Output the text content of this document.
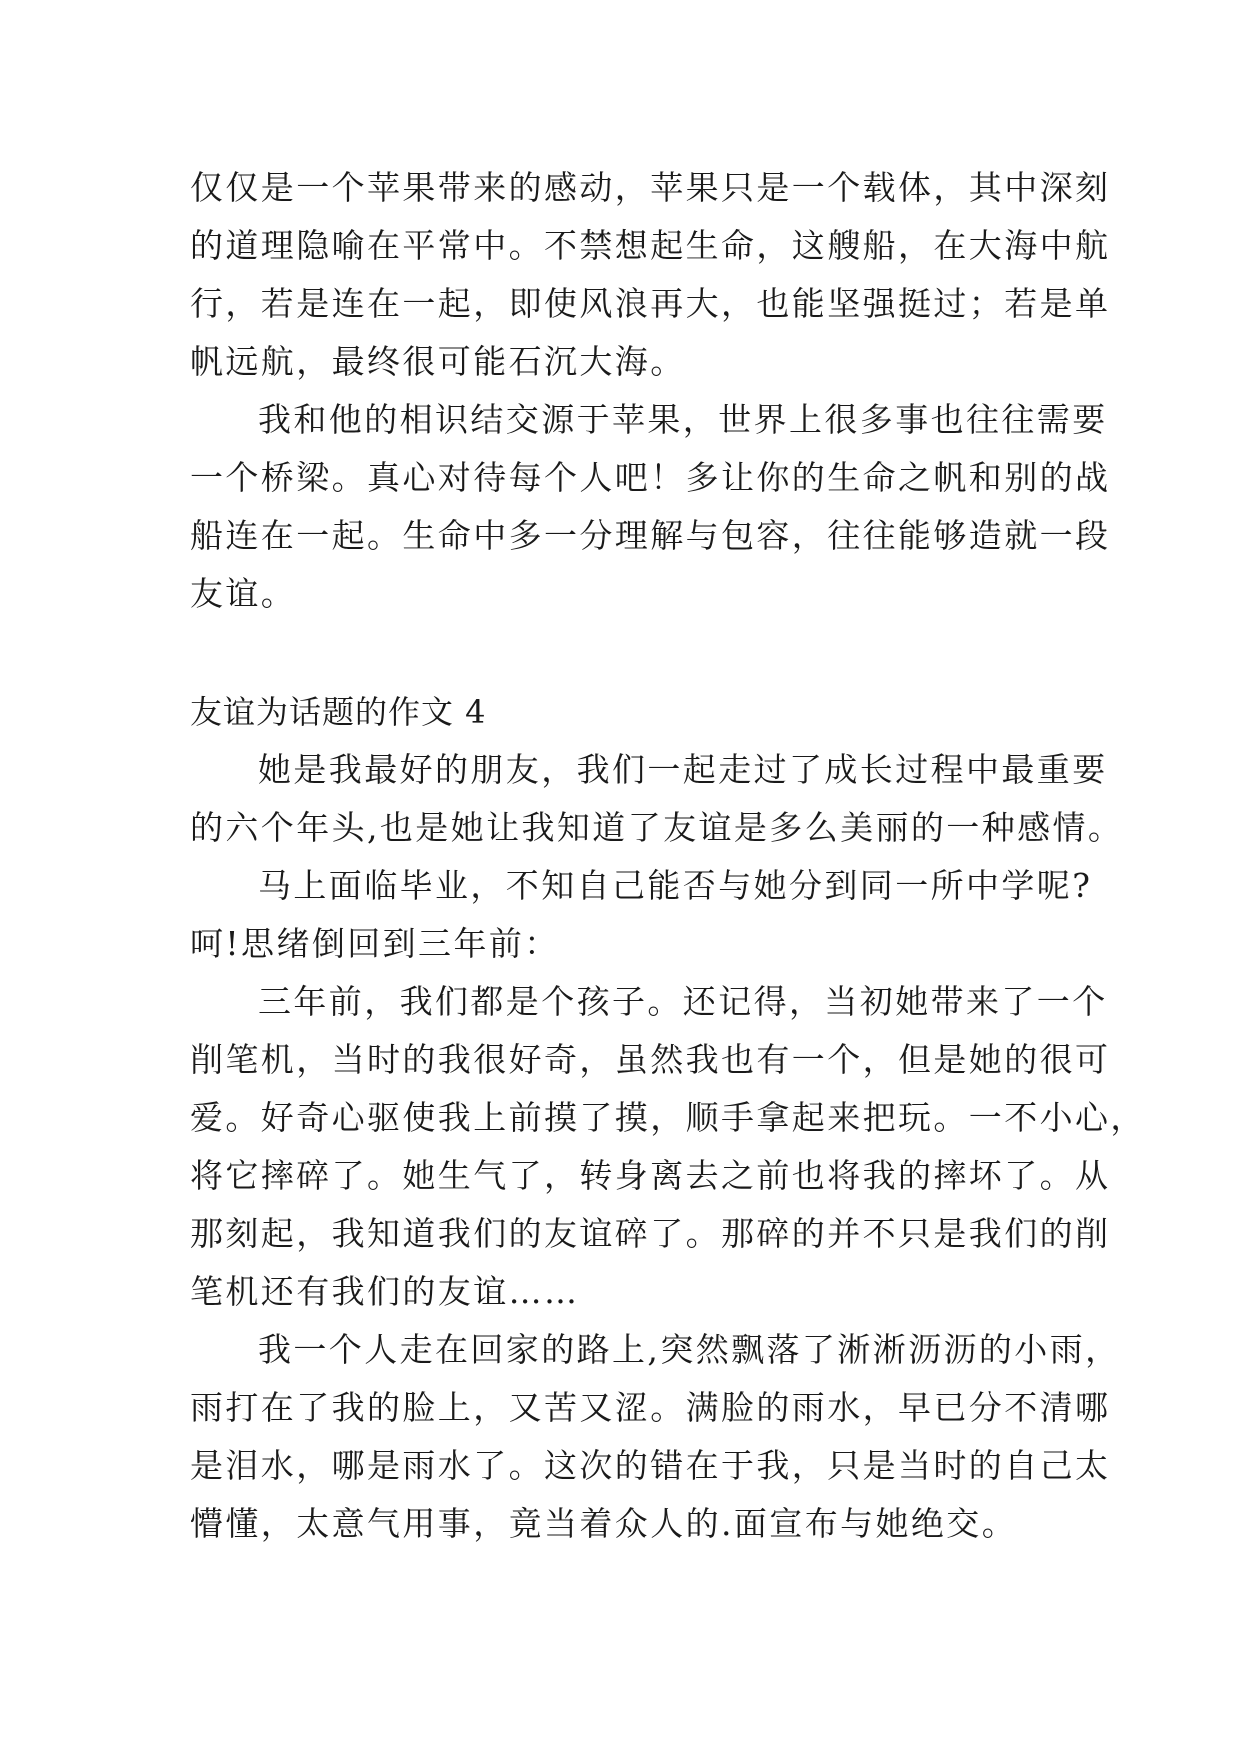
仅仅是一个苹果带来的感动，苹果只是一个载体，其中深刻
的道理隐喻在平常中。不禁想起生命，这艘船，在大海中航
行，若是连在一起，即使风浪再大，也能坚强挺过；若是单
帆远航，最终很可能石沉大海。
我和他的相识结交源于苹果，世界上很多事也往往需要
一个桥梁。真心对待每个人吧！多让你的生命之帆和别的战
船连在一起。生命中多一分理解与包容，往往能够造就一段
友谊。
友谊为话题的作文 4
她是我最好的朋友，我们一起走过了成长过程中最重要
的六个年头,也是她让我知道了友谊是多么美丽的一种感情。
马上面临毕业，不知自己能否与她分到同一所中学呢?
呵!思绪倒回到三年前：
三年前，我们都是个孩子。还记得，当初她带来了一个
削笔机，当时的我很好奇，虽然我也有一个，但是她的很可
爱。好奇心驱使我上前摸了摸，顺手拿起来把玩。一不小心，
将它摔碎了。她生气了，转身离去之前也将我的摔坏了。从
那刻起，我知道我们的友谊碎了。那碎的并不只是我们的削
笔机还有我们的友谊……
我一个人走在回家的路上,突然飘落了淅淅沥沥的小雨，
雨打在了我的脸上，又苦又涩。满脸的雨水，早已分不清哪
是泪水，哪是雨水了。这次的错在于我，只是当时的自己太
懵懂，太意气用事，竟当着众人的.面宣布与她绝交。
